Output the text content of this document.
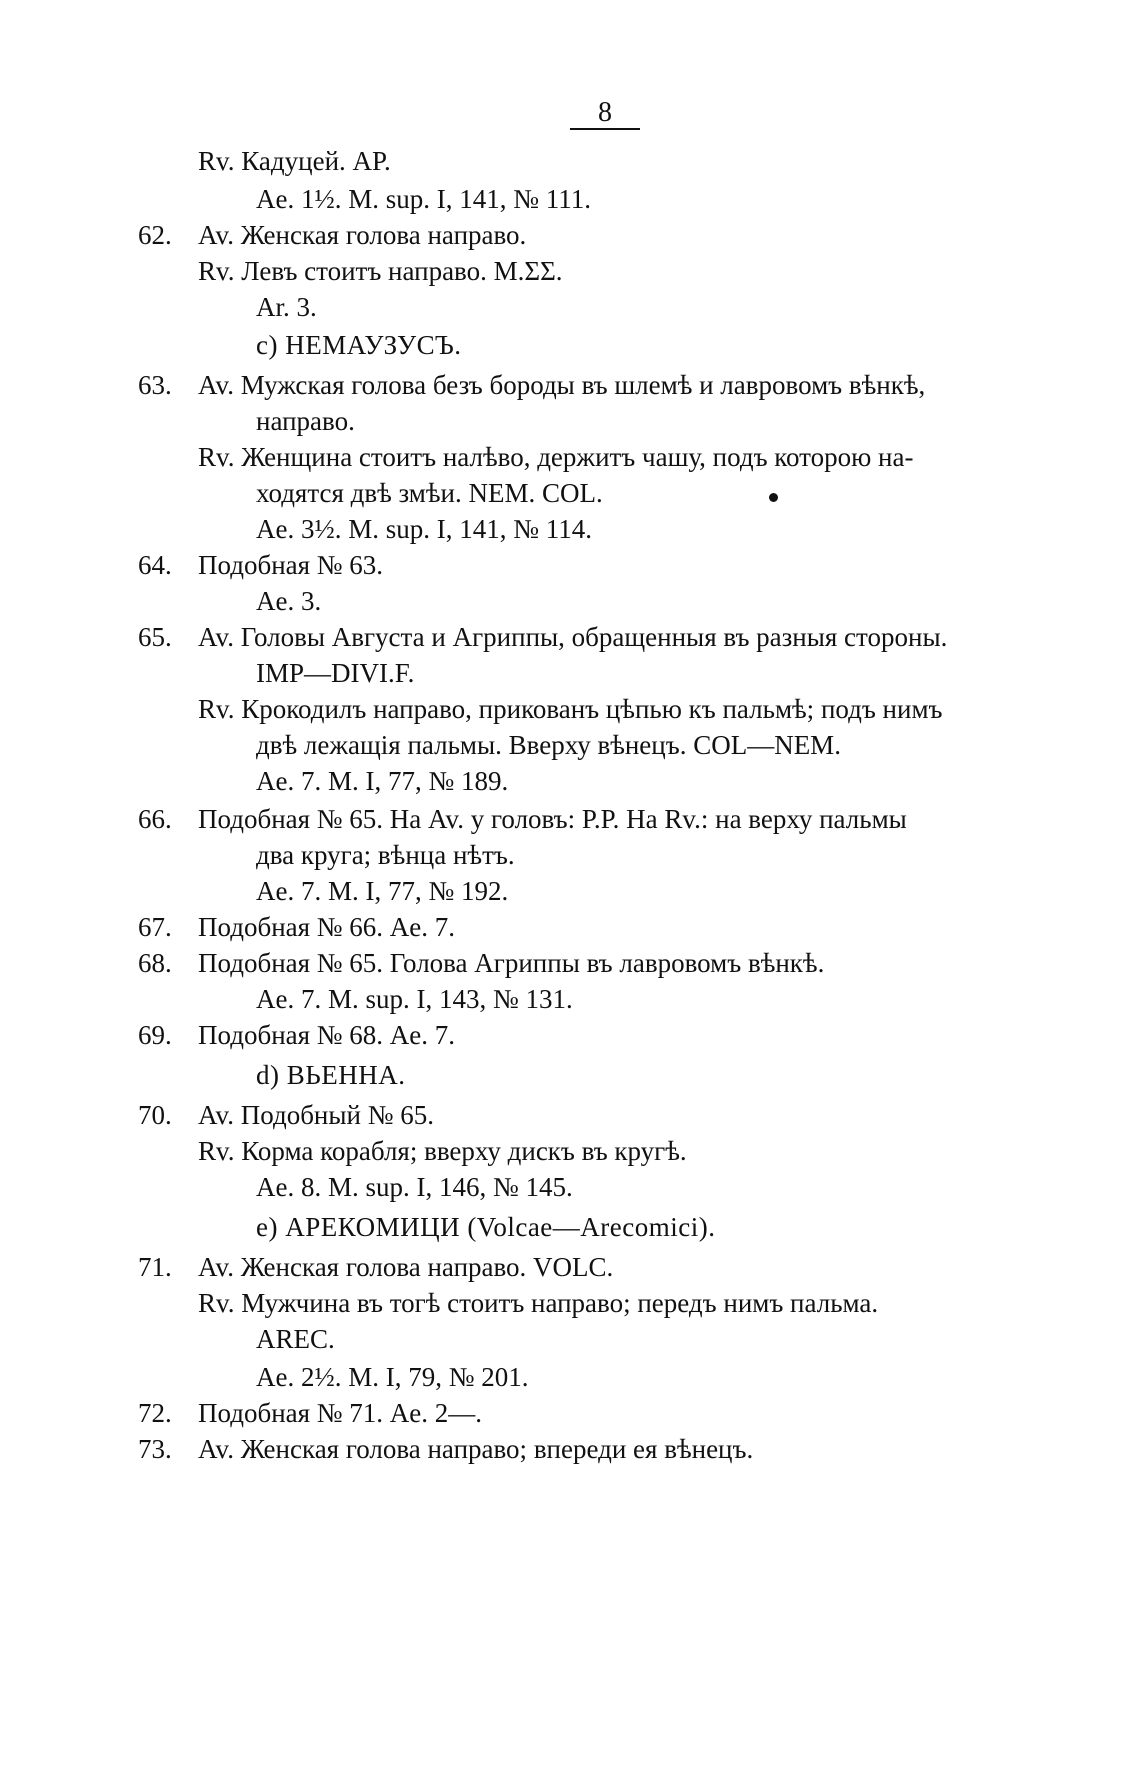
8
Rv. Кадуцей. AP.
Ae. 1½. M. sup. I, 141, № 111.
62. Av. Женская голова направо.
Rv. Левъ стоитъ направо. M.ΣΣ.
Ar. 3.
c) НЕМАУЗУСЪ.
63. Av. Мужская голова безъ бороды въ шлемѣ и лавровомъ вѣнкѣ,
направо.
Rv. Женщина стоитъ налѣво, держитъ чашу, подъ которою на-
ходятся двѣ змѣи. NEM. COL.
Ae. 3½. M. sup. I, 141, № 114.
64. Подобная № 63.
Ae. 3.
65. Av. Головы Августа и Агриппы, обращенныя въ разныя стороны.
IMP—DIVI.F.
Rv. Крокодилъ направо, прикованъ цѣпью къ пальмѣ; подъ нимъ
двѣ лежащія пальмы. Вверху вѣнецъ. COL—NEM.
Ae. 7. M. I, 77, № 189.
66. Подобная № 65. На Av. у головъ: P.P. На Rv.: на верху пальмы
два круга; вѣнца нѣтъ.
Ae. 7. M. I, 77, № 192.
67. Подобная № 66. Ae. 7.
68. Подобная № 65. Голова Агриппы въ лавровомъ вѣнкѣ.
Ae. 7. M. sup. I, 143, № 131.
69. Подобная № 68. Ae. 7.
d) ВЬЕННА.
70. Av. Подобный № 65.
Rv. Корма корабля; вверху дискъ въ кругѣ.
Ae. 8. M. sup. I, 146, № 145.
e) АРЕКОМИЦИ (Volcae—Arecomici).
71. Av. Женская голова направо. VOLC.
Rv. Мужчина въ тогѣ стоитъ направо; передъ нимъ пальма.
AREC.
Ae. 2½. M. I, 79, № 201.
72. Подобная № 71. Ae. 2—.
73. Av. Женская голова направо; впереди ея вѣнецъ.
